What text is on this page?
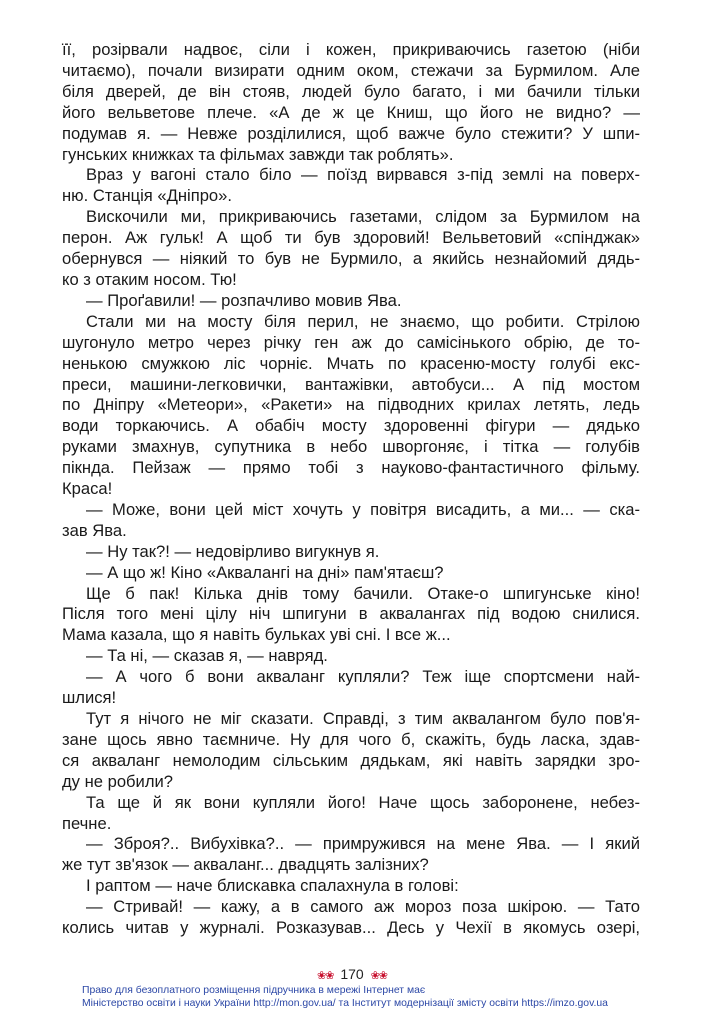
її, розірвали надвоє, сіли і кожен, прикриваючись газетою (ніби
читаємо), почали визирати одним оком, стежачи за Бурмилом. Але
біля дверей, де він стояв, людей було багато, і ми бачили тільки
його вельветове плече. «А де ж це Книш, що його не видно? —
подумав я. — Невже розділилися, щоб важче було стежити? У шпи-
гунських книжках та фільмах завжди так роблять».
Враз у вагоні стало біло — поїзд вирвався з-під землі на поверх-
ню. Станція «Дніпро».
Вискочили ми, прикриваючись газетами, слідом за Бурмилом на
перон. Аж гульк! А щоб ти був здоровий! Вельветовий «спінджак»
обернувся — ніякий то був не Бурмило, а якийсь незнайомий дядь-
ко з отаким носом. Тю!
— Проґавили! — розпачливо мовив Ява.
Стали ми на мосту біля перил, не знаємо, що робити. Стрілою
шугонуло метро через річку ген аж до самісінького обрію, де то-
ненькою смужкою ліс чорніє. Мчать по красеню-мосту голубі екс-
преси, машини-легковички, вантажівки, автобуси... А під мостом
по Дніпру «Метеори», «Ракети» на підводних крилах летять, ледь
води торкаючись. А обабіч мосту здоровенні фігури — дядько
руками змахнув, супутника в небо шворгоняє, і тітка — голубів
пікнда. Пейзаж — прямо тобі з науково-фантастичного фільму.
Краса!
— Може, вони цей міст хочуть у повітря висадить, а ми... — ска-
зав Ява.
— Ну так?! — недовірливо вигукнув я.
— А що ж! Кіно «Аквалангі на дні» пам'ятаєш?
Ще б пак! Кілька днів тому бачили. Отаке-о шпигунське кіно!
Після того мені цілу ніч шпигуни в аквалангах під водою снилися.
Мама казала, що я навіть бульках уві сні. І все ж...
— Та ні, — сказав я, — навряд.
— А чого б вони акваланг купляли? Теж іще спортсмени най-
шлися!
Тут я нічого не міг сказати. Справді, з тим аквалангом було пов'я-
зане щось явно таємниче. Ну для чого б, скажіть, будь ласка, здав-
ся акваланг немолодим сільським дядькам, які навіть зарядки зро-
ду не робили?
Та ще й як вони купляли його! Наче щось заборонене, небез-
печне.
— Зброя?.. Вибухівка?.. — примружився на мене Ява. — І який
же тут зв'язок — акваланг... двадцять залізних?
І раптом — наче блискавка спалахнула в голові:
— Стривай! — кажу, а в самого аж мороз поза шкірою. — Тато
колись читав у журналі. Розказував... Десь у Чехії в якомусь озері,
❀❀ 170 ❀❀
Право для безоплатного розміщення підручника в мережі Інтернет має
Міністерство освіти і науки України http://mon.gov.ua/ та Інститут модернізації змісту освіти https://imzo.gov.ua
